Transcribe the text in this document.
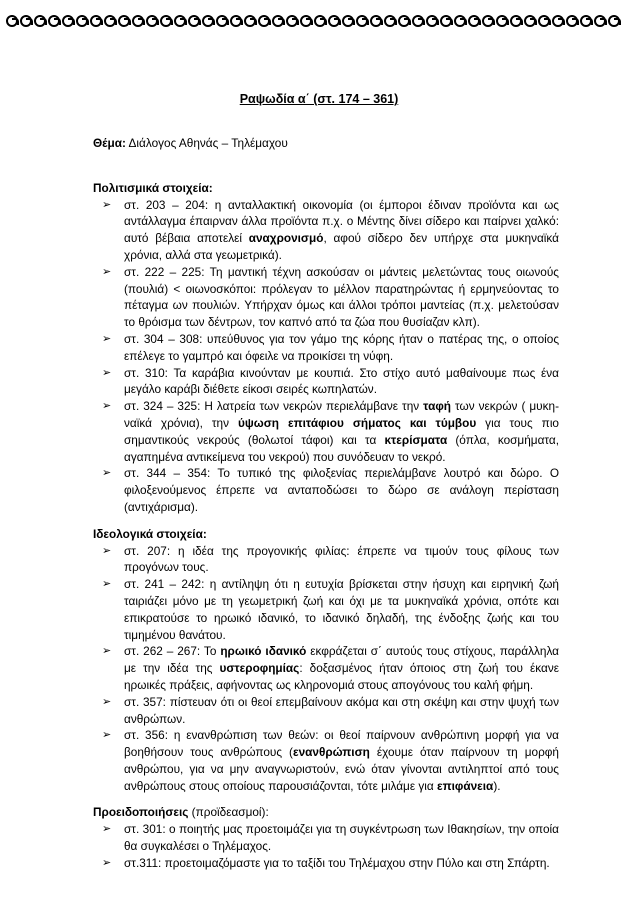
Ραψωδία α΄ (στ. 174 – 361)

Θέμα: Διάλογος Αθηνάς – Τηλέμαχου

Πολιτισμικά στοιχεία:

➢ στ. 203 – 204: η ανταλλακτική οικονομία (οι έμποροι έδιναν προϊόντα και ως αντάλλαγμα έπαιρναν άλλα προϊόντα π.χ. ο Μέντης δίνει σίδερο και παίρνει χαλκό: αυτό βέβαια αποτελεί αναχρονισμό, αφού σίδερο δεν υπήρχε στα μυκηναϊκά χρόνια, αλλά στα γεωμετρικά).
➢ στ. 222 – 225: Τη μαντική τέχνη ασκούσαν οι μάντεις μελετώντας τους οιωνούς (πουλιά) < οιωνοσκόποι: πρόλεγαν το μέλλον παρατηρώντας ή ερμηνεύοντας το πέταγμα ων πουλιών. Υπήρχαν όμως και άλλοι τρόποι μαντείας (π.χ. μελετούσαν το θρόισμα των δέντρων, τον καπνό από τα ζώα που θυσίαζαν κλπ).
➢ στ. 304 – 308: υπεύθυνος για τον γάμο της κόρης ήταν ο πατέρας της, ο οποίος επέλεγε το γαμπρό και όφειλε να προικίσει τη νύφη.
➢ στ. 310: Τα καράβια κινούνταν με κουπιά. Στο στίχο αυτό μαθαίνουμε πως ένα μεγάλο καράβι διέθετε είκοσι σειρές κωπηλατών.
➢ στ. 324 – 325: Η λατρεία των νεκρών περιελάμβανε την ταφή των νεκρών ( μυκη-ναϊκά χρόνια), την ύψωση επιτάφιου σήματος και τύμβου για τους πιο σημαντικούς νεκρούς (θολωτοί τάφοι) και τα κτερίσματα (όπλα, κοσμήματα, αγαπημένα αντικείμενα του νεκρού) που συνόδευαν το νεκρό.
➢ στ. 344 – 354: Το τυπικό της φιλοξενίας περιελάμβανε λουτρό και δώρο. Ο φιλοξενούμενος έπρεπε να ανταποδώσει το δώρο σε ανάλογη περίσταση (αντιχάρισμα).

Ιδεολογικά στοιχεία:

➢ στ. 207: η ιδέα της προγονικής φιλίας: έπρεπε να τιμούν τους φίλους των προγόνων τους.
➢ στ. 241 – 242: η αντίληψη ότι η ευτυχία βρίσκεται στην ήσυχη και ειρηνική ζωή ταιριάζει μόνο με τη γεωμετρική ζωή και όχι με τα μυκηναϊκά χρόνια, οπότε και επικρατούσε το ηρωικό ιδανικό, το ιδανικό δηλαδή, της ένδοξης ζωής και του τιμημένου θανάτου.
➢ στ. 262 – 267: Το ηρωικό ιδανικό εκφράζεται σ΄ αυτούς τους στίχους, παράλληλα με την ιδέα της υστεροφημίας: δοξασμένος ήταν όποιος στη ζωή του έκανε ηρωικές πράξεις, αφήνοντας ως κληρονομιά στους απογόνους του καλή φήμη.
➢ στ. 357: πίστευαν ότι οι θεοί επεμβαίνουν ακόμα και στη σκέψη και στην ψυχή των ανθρώπων.
➢ στ. 356: η ενανθρώπιση των θεών: οι θεοί παίρνουν ανθρώπινη μορφή για να βοηθήσουν τους ανθρώπους (ενανθρώπιση έχουμε όταν παίρνουν τη μορφή ανθρώπου, για να μην αναγνωριστούν, ενώ όταν γίνονται αντιληπτοί από τους ανθρώπους στους οποίους παρουσιάζονται, τότε μιλάμε για επιφάνεια).

Προειδοποιήσεις (προϊδεασμοί):

➢ στ. 301: ο ποιητής μας προετοιμάζει για τη συγκέντρωση των Ιθακησίων, την οποία θα συγκαλέσει ο Τηλέμαχος.
➢ στ.311: προετοιμαζόμαστε για το ταξίδι του Τηλέμαχου στην Πύλο και στη Σπάρτη.
